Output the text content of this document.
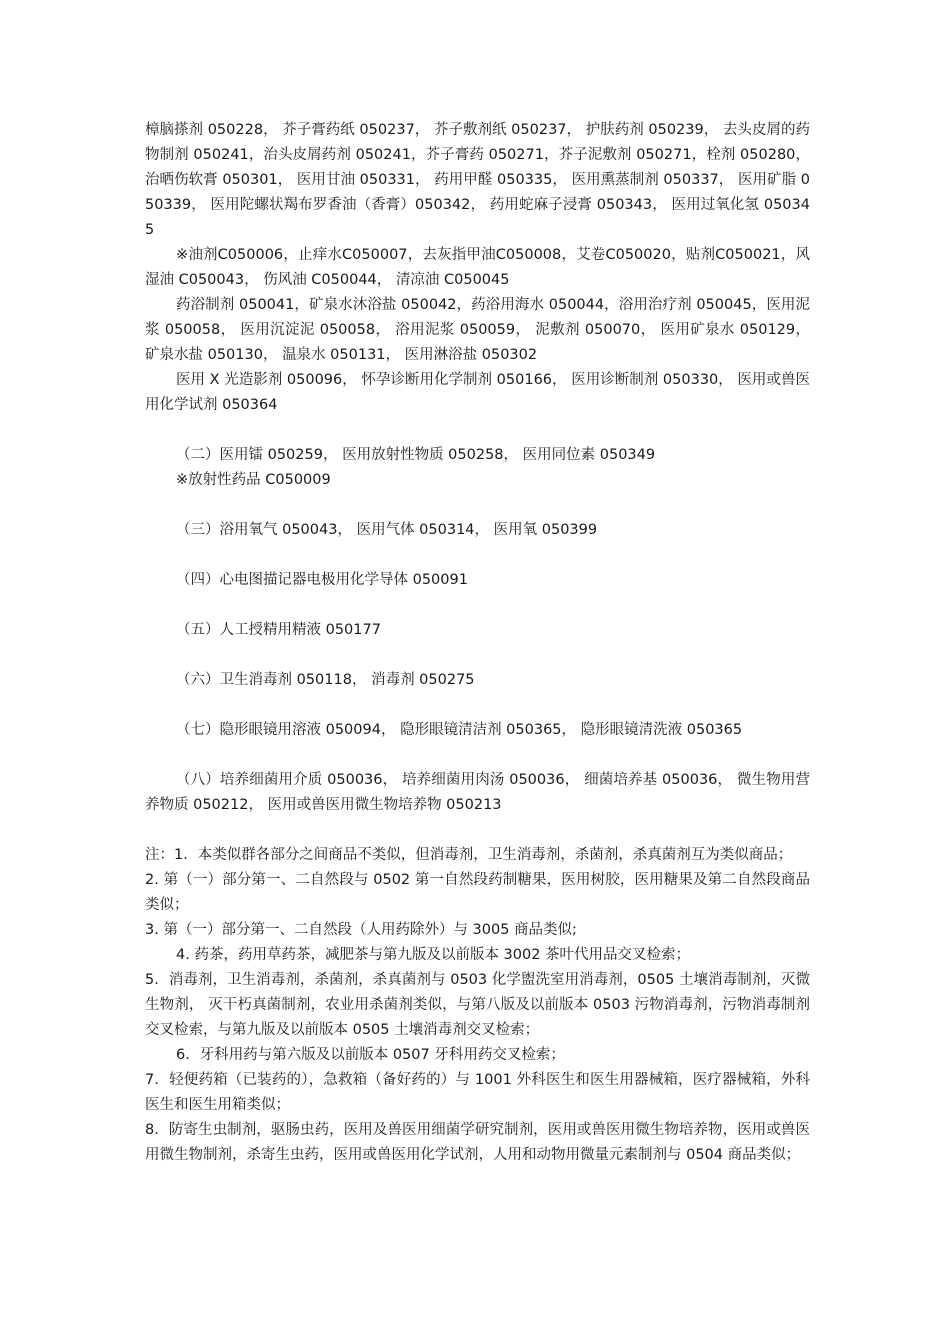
樟脑搽剂 050228， 芥子膏药纸 050237， 芥子敷剂纸 050237， 护肤药剂 050239， 去头皮屑的药物制剂 050241，治头皮屑药剂 050241，芥子膏药 050271，芥子泥敷剂 050271，栓剂 050280， 治晒伤软膏 050301， 医用甘油 050331， 药用甲醛 050335， 医用熏蒸制剂 050337， 医用矿脂 050339， 医用陀螺状羯布罗香油（香膏）050342， 药用蛇麻子浸膏 050343， 医用过氧化氢 050345

※油剂C050006，止痒水C050007，去灰指甲油C050008，艾卷C050020，贴剂C050021，风湿油 C050043， 伤风油 C050044， 清凉油 C050045

药浴制剂 050041，矿泉水沐浴盐 050042，药浴用海水 050044，浴用治疗剂 050045，医用泥浆 050058， 医用沉淀泥 050058， 浴用泥浆 050059， 泥敷剂 050070， 医用矿泉水 050129， 矿泉水盐 050130， 温泉水 050131， 医用淋浴盐 050302

医用 X 光造影剂 050096， 怀孕诊断用化学制剂 050166， 医用诊断制剂 050330， 医用或兽医用化学试剂 050364

（二）医用镭 050259， 医用放射性物质 050258， 医用同位素 050349

※放射性药品 C050009

（三）浴用氧气 050043， 医用气体 050314， 医用氧 050399

（四）心电图描记器电极用化学导体 050091

（五）人工授精用精液 050177

（六）卫生消毒剂 050118， 消毒剂 050275

（七）隐形眼镜用溶液 050094， 隐形眼镜清洁剂 050365， 隐形眼镜清洗液 050365

（八）培养细菌用介质 050036， 培养细菌用肉汤 050036， 细菌培养基 050036， 微生物用营养物质 050212， 医用或兽医用微生物培养物 050213

注：1．本类似群各部分之间商品不类似，但消毒剂，卫生消毒剂，杀菌剂，杀真菌剂互为类似商品；

2. 第（一）部分第一、二自然段与 0502 第一自然段药制糖果，医用树胶，医用糖果及第二自然段商品类似；

3. 第（一）部分第一、二自然段（人用药除外）与 3005 商品类似;

4. 药茶，药用草药茶，减肥茶与第九版及以前版本 3002 茶叶代用品交叉检索；

5．消毒剂，卫生消毒剂，杀菌剂，杀真菌剂与 0503 化学盥洗室用消毒剂，0505 土壤消毒制剂，灭微生物剂， 灭干朽真菌制剂，农业用杀菌剂类似，与第八版及以前版本 0503 污物消毒剂，污物消毒制剂交叉检索，与第九版及以前版本 0505 土壤消毒剂交叉检索；

6．牙科用药与第六版及以前版本 0507 牙科用药交叉检索；

7．轻便药箱（已装药的），急救箱（备好药的）与 1001 外科医生和医生用器械箱，医疗器械箱，外科医生和医生用箱类似；

8．防寄生虫制剂，驱肠虫药，医用及兽医用细菌学研究制剂，医用或兽医用微生物培养物，医用或兽医用微生物制剂，杀寄生虫药，医用或兽医用化学试剂，人用和动物用微量元素制剂与 0504 商品类似；
